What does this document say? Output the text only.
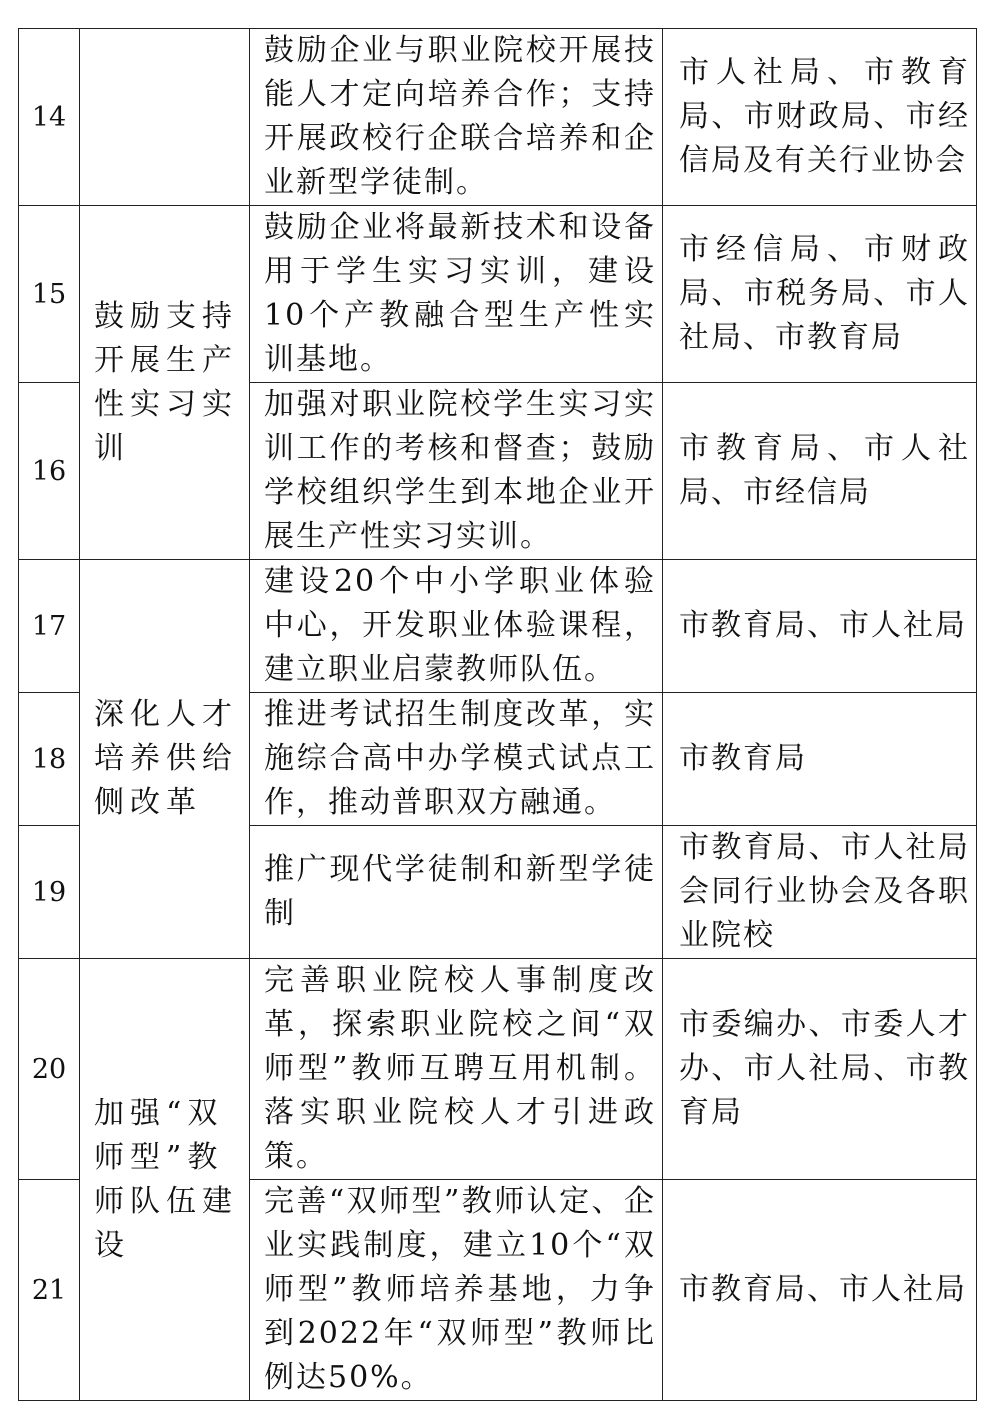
14		鼓励企业与职业院校开展技能人才定向培养合作；支持开展政校行企联合培养和企业新型学徒制。	市人社局、市教育局、市财政局、市经信局及有关行业协会
15	鼓励支持开展生产性实习实训	鼓励企业将最新技术和设备用于学生实习实训，建设10个产教融合型生产性实训基地。	市经信局、市财政局、市税务局、市人社局、市教育局
16		加强对职业院校学生实习实训工作的考核和督查；鼓励学校组织学生到本地企业开展生产性实习实训。	市教育局、市人社局、市经信局
17	深化人才培养供给侧改革	建设20个中小学职业体验中心，开发职业体验课程，建立职业启蒙教师队伍。	市教育局、市人社局
18		推进考试招生制度改革，实施综合高中办学模式试点工作，推动普职双方融通。	市教育局
19		推广现代学徒制和新型学徒制	市教育局、市人社局会同行业协会及各职业院校
20	加强“双师型”教师队伍建设	完善职业院校人事制度改革，探索职业院校之间“双师型”教师互聘互用机制。落实职业院校人才引进政策。	市委编办、市委人才办、市人社局、市教育局
21		完善“双师型”教师认定、企业实践制度，建立10个“双师型”教师培养基地，力争到2022年“双师型”教师比例达50%。	市教育局、市人社局
